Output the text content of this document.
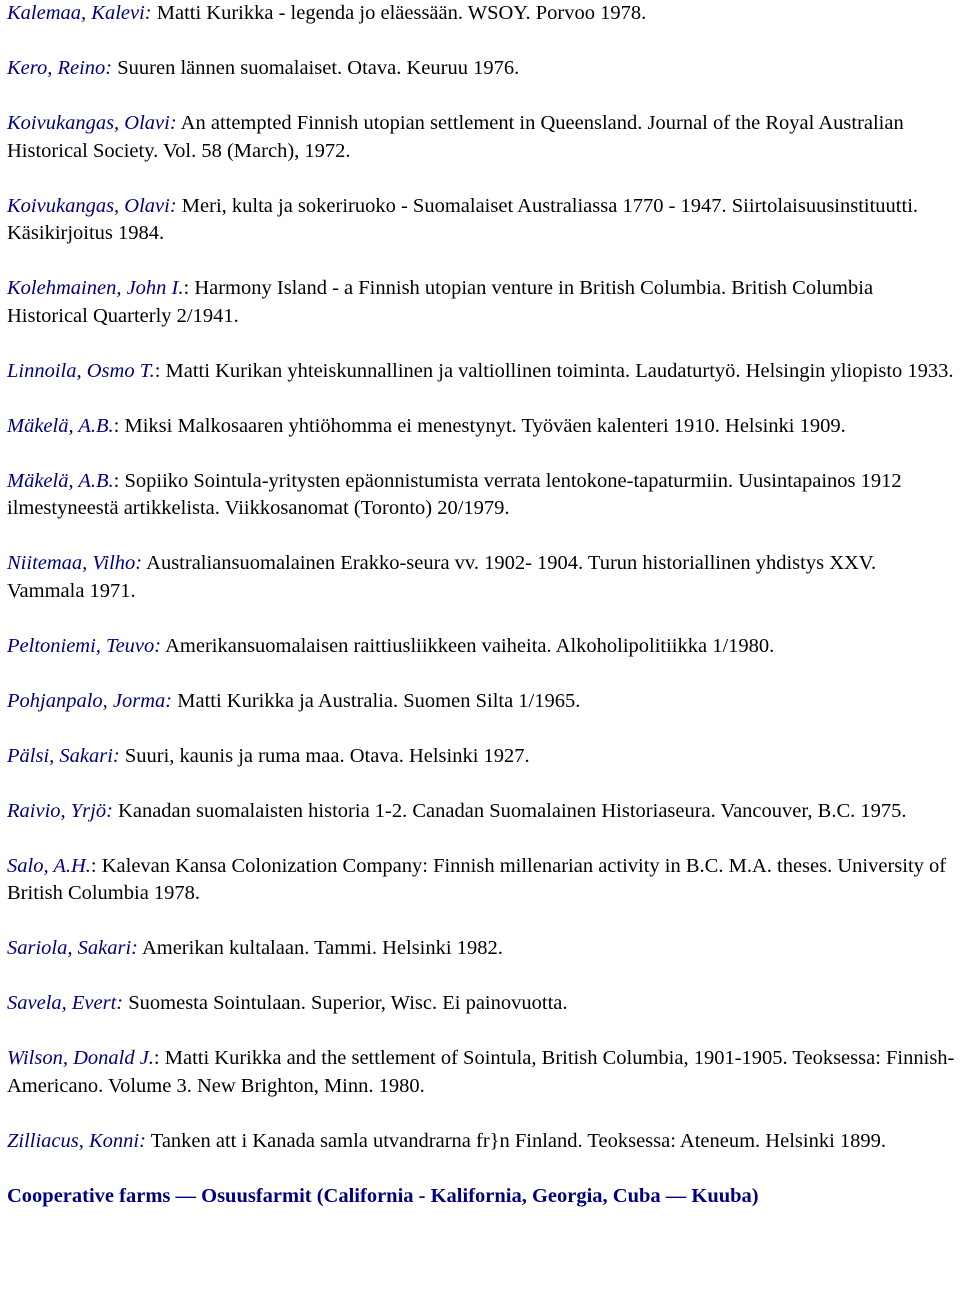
Kalemaa, Kalevi: Matti Kurikka - legenda jo eläessään. WSOY. Porvoo 1978.

Kero, Reino: Suuren lännen suomalaiset. Otava. Keuruu 1976.

Koivukangas, Olavi: An attempted Finnish utopian settlement in Queensland. Journal of the Royal Australian Historical Society. Vol. 58 (March), 1972.

Koivukangas, Olavi: Meri, kulta ja sokeriruoko - Suomalaiset Australiassa 1770 - 1947. Siirtolaisuusinstituutti. Käsikirjoitus 1984.

Kolehmainen, John I.: Harmony Island - a Finnish utopian venture in British Columbia. British Columbia Historical Quarterly 2/1941.

Linnoila, Osmo T.: Matti Kurikan yhteiskunnallinen ja valtiollinen toiminta. Laudaturtyö. Helsingin yliopisto 1933.

Mäkelä, A.B.: Miksi Malkosaaren yhtiöhomma ei menestynyt. Työväen kalenteri 1910. Helsinki 1909.

Mäkelä, A.B.: Sopiiko Sointula-yritysten epäonnistumista verrata lentokone-tapaturmiin. Uusintapainos 1912 ilmestyneestä artikkelista. Viikkosanomat (Toronto) 20/1979.

Niitemaa, Vilho: Australiansuomalainen Erakko-seura vv. 1902- 1904. Turun historiallinen yhdistys XXV. Vammala 1971.

Peltoniemi, Teuvo: Amerikansuomalaisen raittiusliikkeen vaiheita. Alkoholipolitiikka 1/1980.

Pohjanpalo, Jorma: Matti Kurikka ja Australia. Suomen Silta 1/1965.

Pälsi, Sakari: Suuri, kaunis ja ruma maa. Otava. Helsinki 1927.

Raivio, Yrjö: Kanadan suomalaisten historia 1-2. Canadan Suomalainen Historiaseura. Vancouver, B.C. 1975.

Salo, A.H.: Kalevan Kansa Colonization Company: Finnish millenarian activity in B.C. M.A. theses. University of British Columbia 1978.

Sariola, Sakari: Amerikan kultalaan. Tammi. Helsinki 1982.

Savela, Evert: Suomesta Sointulaan. Superior, Wisc. Ei painovuotta.

Wilson, Donald J.: Matti Kurikka and the settlement of Sointula, British Columbia, 1901-1905. Teoksessa: Finnish-Americano. Volume 3. New Brighton, Minn. 1980.

Zilliacus, Konni: Tanken att i Kanada samla utvandrarna fr}n Finland. Teoksessa: Ateneum. Helsinki 1899.

Cooperative farms — Osuusfarmit (California - Kalifornia, Georgia, Cuba — Kuuba)
